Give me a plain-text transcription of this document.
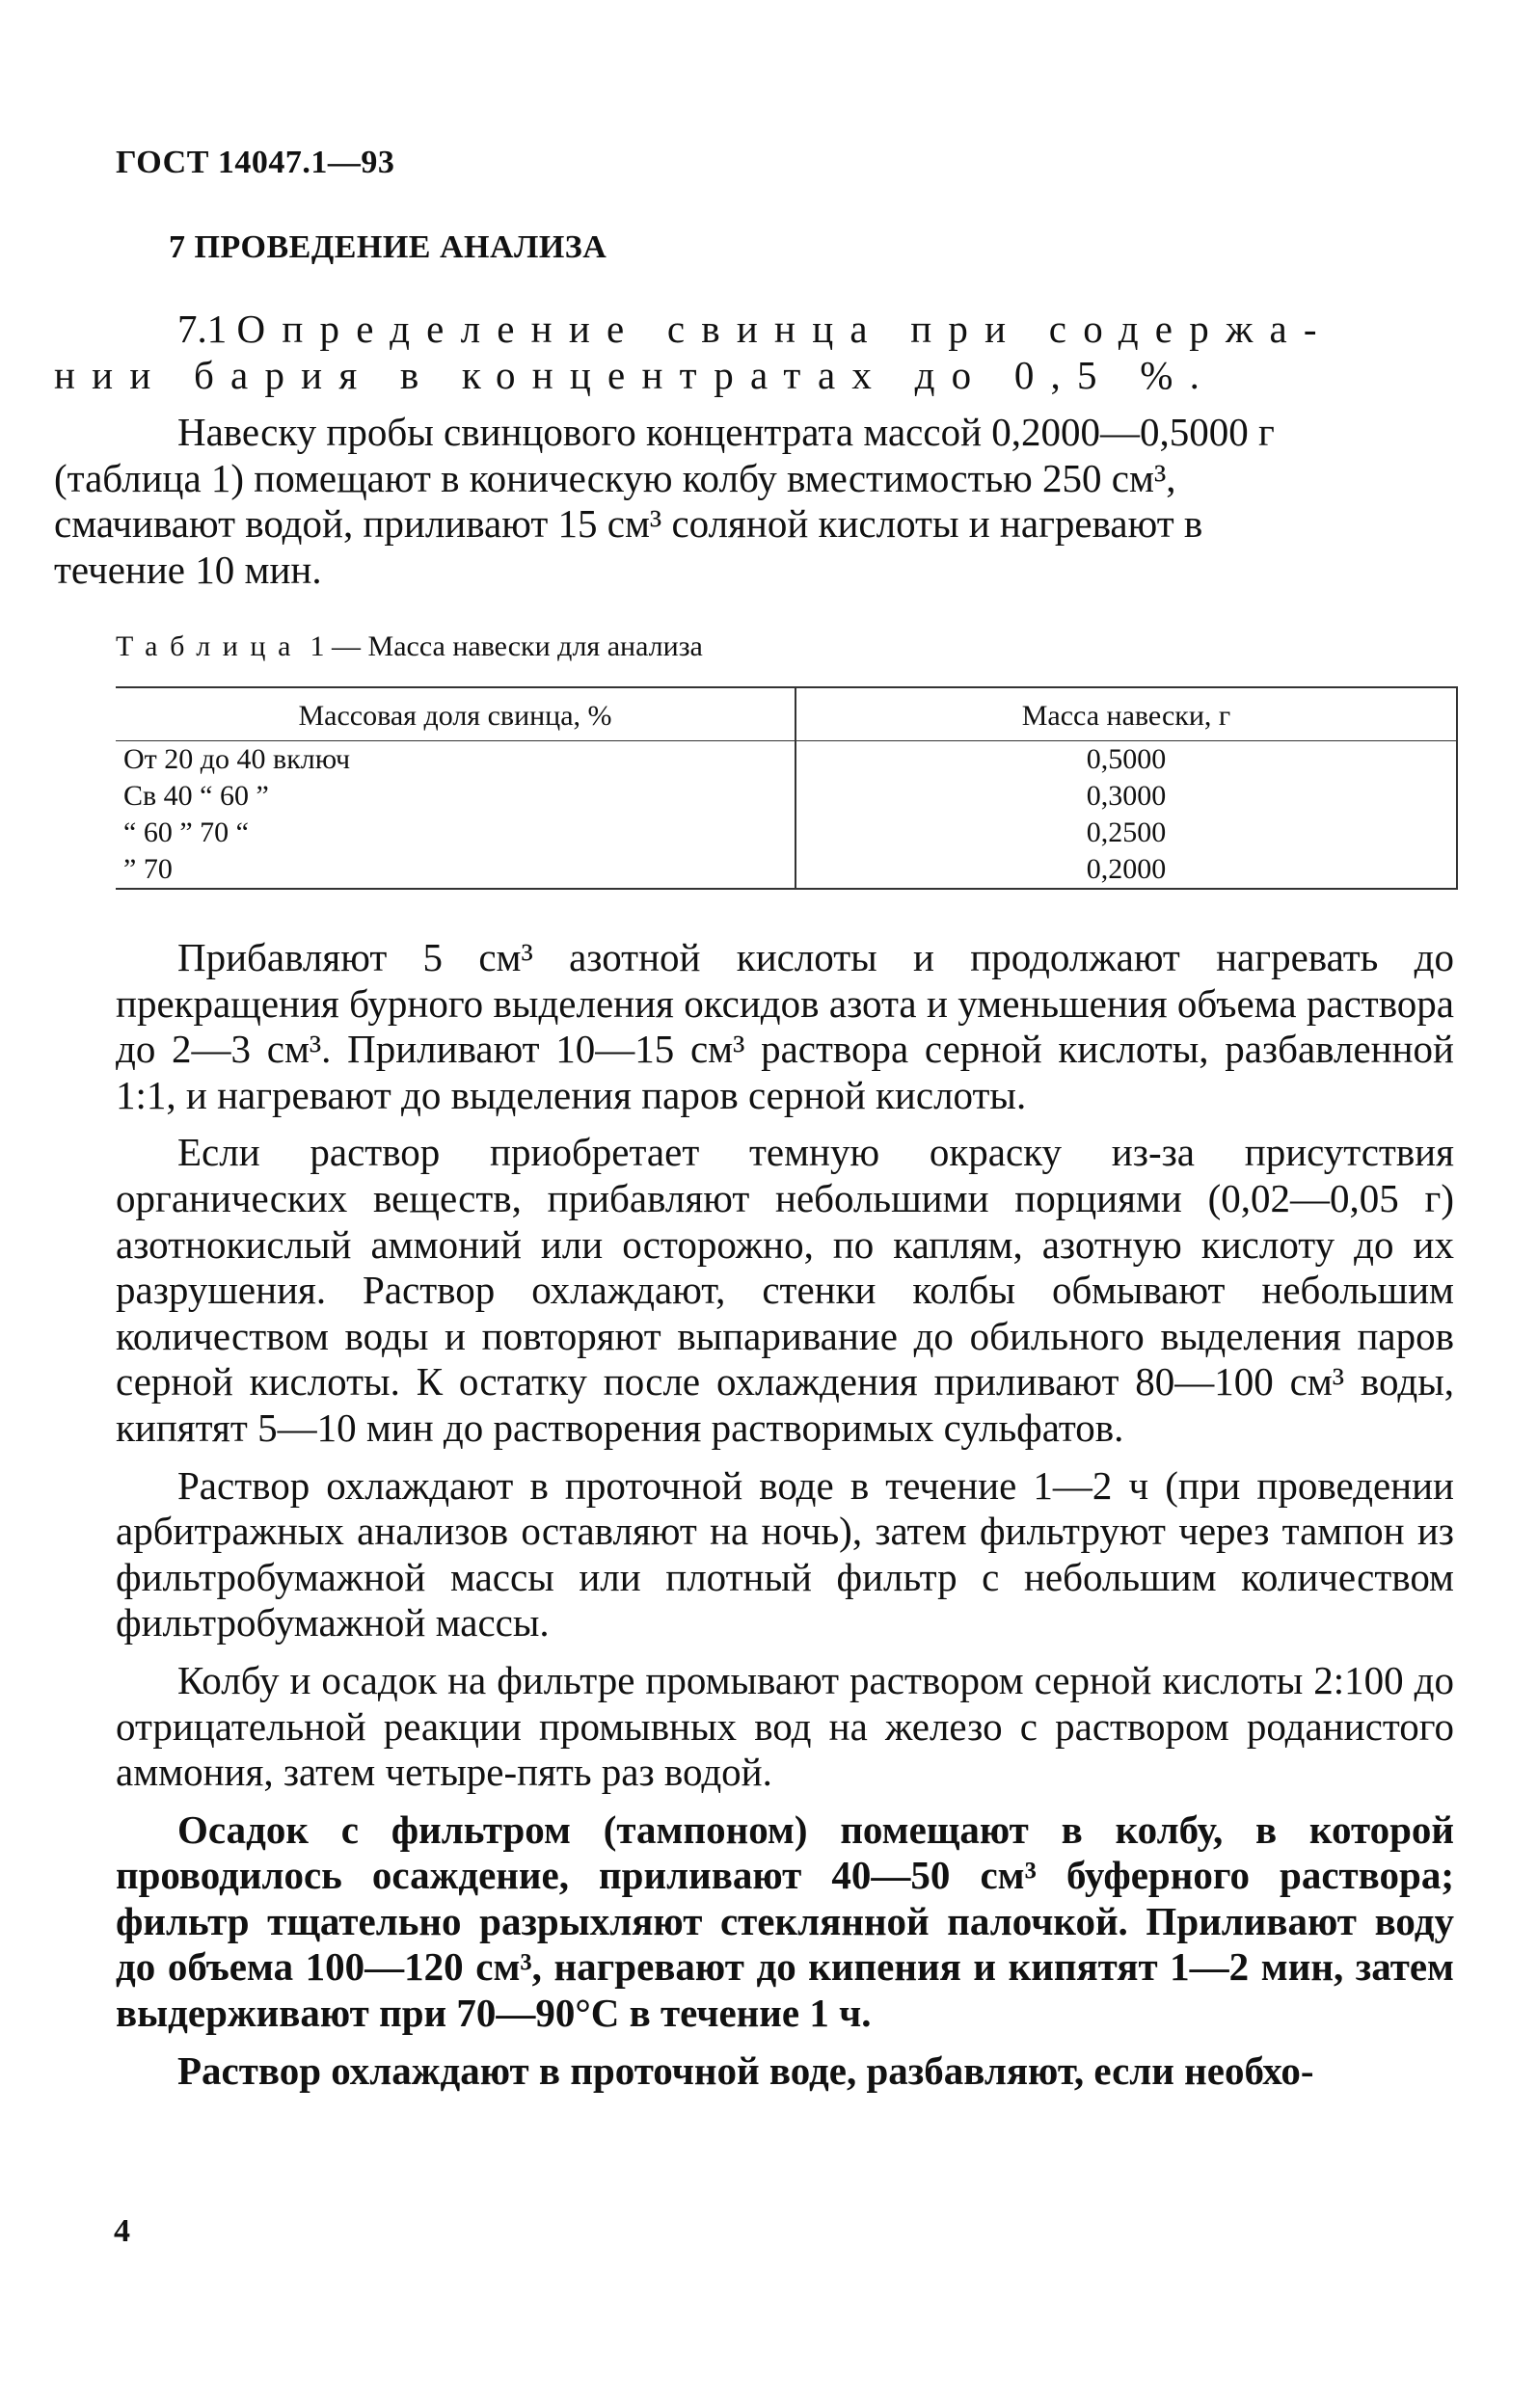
ГОСТ 14047.1—93
7 ПРОВЕДЕНИЕ АНАЛИЗА

7.1 Определение свинца при содержа-
нии бария в концентратах до 0,5 %.

Навеску пробы свинцового концентрата массой 0,2000—0,5000 г
(таблица 1) помещают в коническую колбу вместимостью 250 см³,
смачивают водой, приливают 15 см³ соляной кислоты и нагревают в
течение 10 мин.

Таблица 1 — Масса навески для анализа
Массовая доля свинца, %	Масса навески, г
От 20 до 40 включ	0,5000
Св 40 “ 60 ”	0,3000
“ 60 ” 70 “	0,2500
” 70	0,2000

Прибавляют 5 см³ азотной кислоты и продолжают нагревать до прекращения бурного выделения оксидов азота и уменьшения объема раствора до 2—3 см³. Приливают 10—15 см³ раствора серной кислоты, разбавленной 1:1, и нагревают до выделения паров серной кислоты.

Если раствор приобретает темную окраску из-за присутствия органических веществ, прибавляют небольшими порциями (0,02—0,05 г) азотнокислый аммоний или осторожно, по каплям, азотную кислоту до их разрушения. Раствор охлаждают, стенки колбы обмывают небольшим количеством воды и повторяют выпаривание до обильного выделения паров серной кислоты. К остатку после охлаждения приливают 80—100 см³ воды, кипятят 5—10 мин до растворения растворимых сульфатов.

Раствор охлаждают в проточной воде в течение 1—2 ч (при проведении арбитражных анализов оставляют на ночь), затем фильтруют через тампон из фильтробумажной массы или плотный фильтр с небольшим количеством фильтробумажной массы.

Колбу и осадок на фильтре промывают раствором серной кислоты 2:100 до отрицательной реакции промывных вод на железо с раствором роданистого аммония, затем четыре-пять раз водой.

Осадок с фильтром (тампоном) помещают в колбу, в которой проводилось осаждение, приливают 40—50 см³ буферного раствора; фильтр тщательно разрыхляют стеклянной палочкой. Приливают воду до объема 100—120 см³, нагревают до кипения и кипятят 1—2 мин, затем выдерживают при 70—90°С в течение 1 ч.

Раствор охлаждают в проточной воде, разбавляют, если необхо-

4
